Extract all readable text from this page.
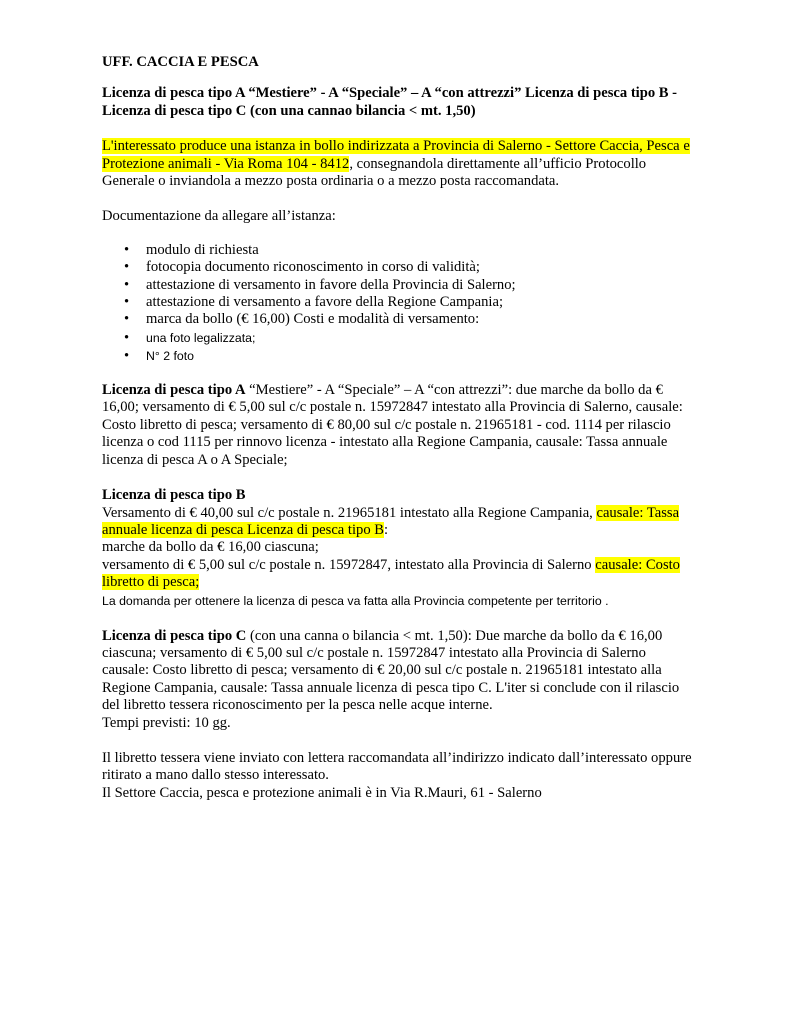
UFF. CACCIA E PESCA

Licenza di pesca tipo A “Mestiere” - A “Speciale” – A “con attrezzi” Licenza di pesca tipo B - Licenza di pesca tipo C (con una cannao bilancia < mt. 1,50)

L'interessato produce una istanza in bollo indirizzata a Provincia di Salerno - Settore Caccia, Pesca e Protezione animali - Via Roma 104 - 8412, consegnandola direttamente all’ufficio Protocollo Generale o inviandola a mezzo posta ordinaria o a mezzo posta raccomandata.

Documentazione da allegare all’istanza:

• modulo di richiesta
• fotocopia documento riconoscimento in corso di validità;
• attestazione di versamento in favore della Provincia di Salerno;
• attestazione di versamento a favore della Regione Campania;
• marca da bollo (€ 16,00) Costi e modalità di versamento:
• una foto legalizzata;
• N° 2 foto

Licenza di pesca tipo A “Mestiere” - A “Speciale” – A “con attrezzi”: due marche da bollo da € 16,00; versamento di € 5,00 sul c/c postale n. 15972847 intestato alla Provincia di Salerno, causale: Costo libretto di pesca; versamento di € 80,00 sul c/c postale n. 21965181 - cod. 1114 per rilascio licenza o cod 1115 per rinnovo licenza - intestato alla Regione Campania, causale: Tassa annuale licenza di pesca A o A Speciale;

Licenza di pesca tipo B

Versamento di € 40,00 sul c/c postale n. 21965181 intestato alla Regione Campania, causale: Tassa annuale licenza di pesca Licenza di pesca tipo B:

marche da bollo da € 16,00 ciascuna;

versamento di € 5,00 sul c/c postale n. 15972847, intestato alla Provincia di Salerno causale: Costo libretto di pesca;

La domanda per ottenere la licenza di pesca va fatta alla Provincia competente per territorio .

Licenza di pesca tipo C (con una canna o bilancia < mt. 1,50): Due marche da bollo da € 16,00 ciascuna; versamento di € 5,00 sul c/c postale n. 15972847 intestato alla Provincia di Salerno causale: Costo libretto di pesca; versamento di € 20,00 sul c/c postale n. 21965181 intestato alla Regione Campania, causale: Tassa annuale licenza di pesca tipo C. L'iter si conclude con il rilascio del libretto tessera riconoscimento per la pesca nelle acque interne.

Tempi previsti: 10 gg.

Il libretto tessera viene inviato con lettera raccomandata all’indirizzo indicato dall’interessato oppure ritirato a mano dallo stesso interessato.

Il Settore Caccia, pesca e protezione animali è in Via R.Mauri, 61 - Salerno
